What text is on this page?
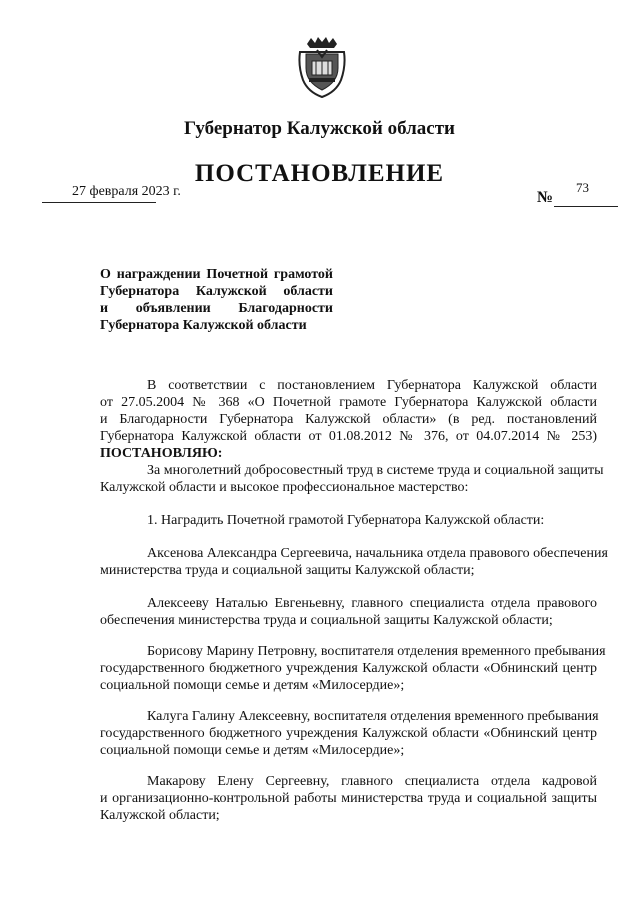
Губернатор Калужской области
ПОСТАНОВЛЕНИЕ
27 февраля 2023 г.	№
73
О награждении Почетной грамотой
Губернатора Калужской области
и объявлении Благодарности
Губернатора Калужской области
В соответствии с постановлением Губернатора Калужской области
от 27.05.2004 № 368 «О Почетной грамоте Губернатора Калужской области
и Благодарности Губернатора Калужской области» (в ред. постановлений
Губернатора Калужской области от 01.08.2012 № 376, от 04.07.2014 № 253)
ПОСТАНОВЛЯЮ:
За многолетний добросовестный труд в системе труда и социальной защиты
Калужской области и высокое профессиональное мастерство:
1. Наградить Почетной грамотой Губернатора Калужской области:
Аксенова Александра Сергеевича, начальника отдела правового обеспечения
министерства труда и социальной защиты Калужской области;
Алексееву Наталью Евгеньевну, главного специалиста отдела правового
обеспечения министерства труда и социальной защиты Калужской области;
Борисову Марину Петровну, воспитателя отделения временного пребывания
государственного бюджетного учреждения Калужской области «Обнинский центр
социальной помощи семье и детям «Милосердие»;
Калуга Галину Алексеевну, воспитателя отделения временного пребывания
государственного бюджетного учреждения Калужской области «Обнинский центр
социальной помощи семье и детям «Милосердие»;
Макарову Елену Сергеевну, главного специалиста отдела кадровой
и организационно-контрольной работы министерства труда и социальной защиты
Калужской области;
